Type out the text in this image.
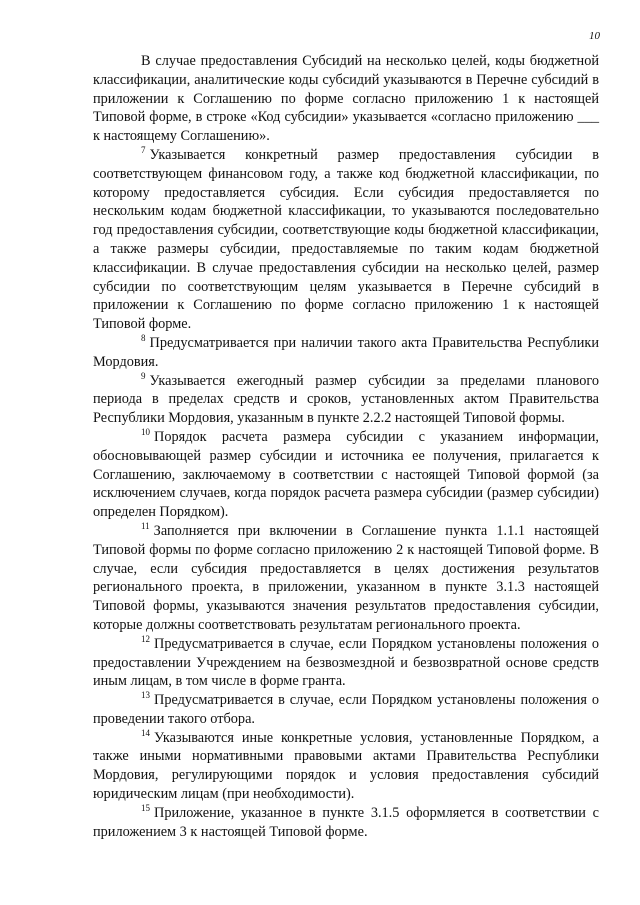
10

В случае предоставления Субсидий на несколько целей, коды бюджетной классификации, аналитические коды субсидий указываются в Перечне субсидий в приложении к Соглашению по форме согласно приложению 1 к настоящей Типовой форме, в строке «Код субсидии» указывается «согласно приложению ___ к настоящему Соглашению».

$^7$ Указывается конкретный размер предоставления субсидии в соответствующем финансовом году, а также код бюджетной классификации, по которому предоставляется субсидия. Если субсидия предоставляется по нескольким кодам бюджетной классификации, то указываются последовательно год предоставления субсидии, соответствующие коды бюджетной классификации, а также размеры субсидии, предоставляемые по таким кодам бюджетной классификации. В случае предоставления субсидии на несколько целей, размер субсидии по соответствующим целям указывается в Перечне субсидий в приложении к Соглашению по форме согласно приложению 1 к настоящей Типовой форме.

$^8$ Предусматривается при наличии такого акта Правительства Республики Мордовия.

$^9$ Указывается ежегодный размер субсидии за пределами планового периода в пределах средств и сроков, установленных актом Правительства Республики Мордовия, указанным в пункте 2.2.2 настоящей Типовой формы.

$^{10}$ Порядок расчета размера субсидии с указанием информации, обосновывающей размер субсидии и источника ее получения, прилагается к Соглашению, заключаемому в соответствии с настоящей Типовой формой (за исключением случаев, когда порядок расчета размера субсидии (размер субсидии) определен Порядком).

$^{11}$ Заполняется при включении в Соглашение пункта 1.1.1 настоящей Типовой формы по форме согласно приложению 2 к настоящей Типовой форме. В случае, если субсидия предоставляется в целях достижения результатов регионального проекта, в приложении, указанном в пункте 3.1.3 настоящей Типовой формы, указываются значения результатов предоставления субсидии, которые должны соответствовать результатам регионального проекта.

$^{12}$ Предусматривается в случае, если Порядком установлены положения о предоставлении Учреждением на безвозмездной и безвозвратной основе средств иным лицам, в том числе в форме гранта.

$^{13}$ Предусматривается в случае, если Порядком установлены положения о проведении такого отбора.

$^{14}$ Указываются иные конкретные условия, установленные Порядком, а также иными нормативными правовыми актами Правительства Республики Мордовия, регулирующими порядок и условия предоставления субсидий юридическим лицам (при необходимости).

$^{15}$ Приложение, указанное в пункте 3.1.5 оформляется в соответствии с приложением 3 к настоящей Типовой форме.
